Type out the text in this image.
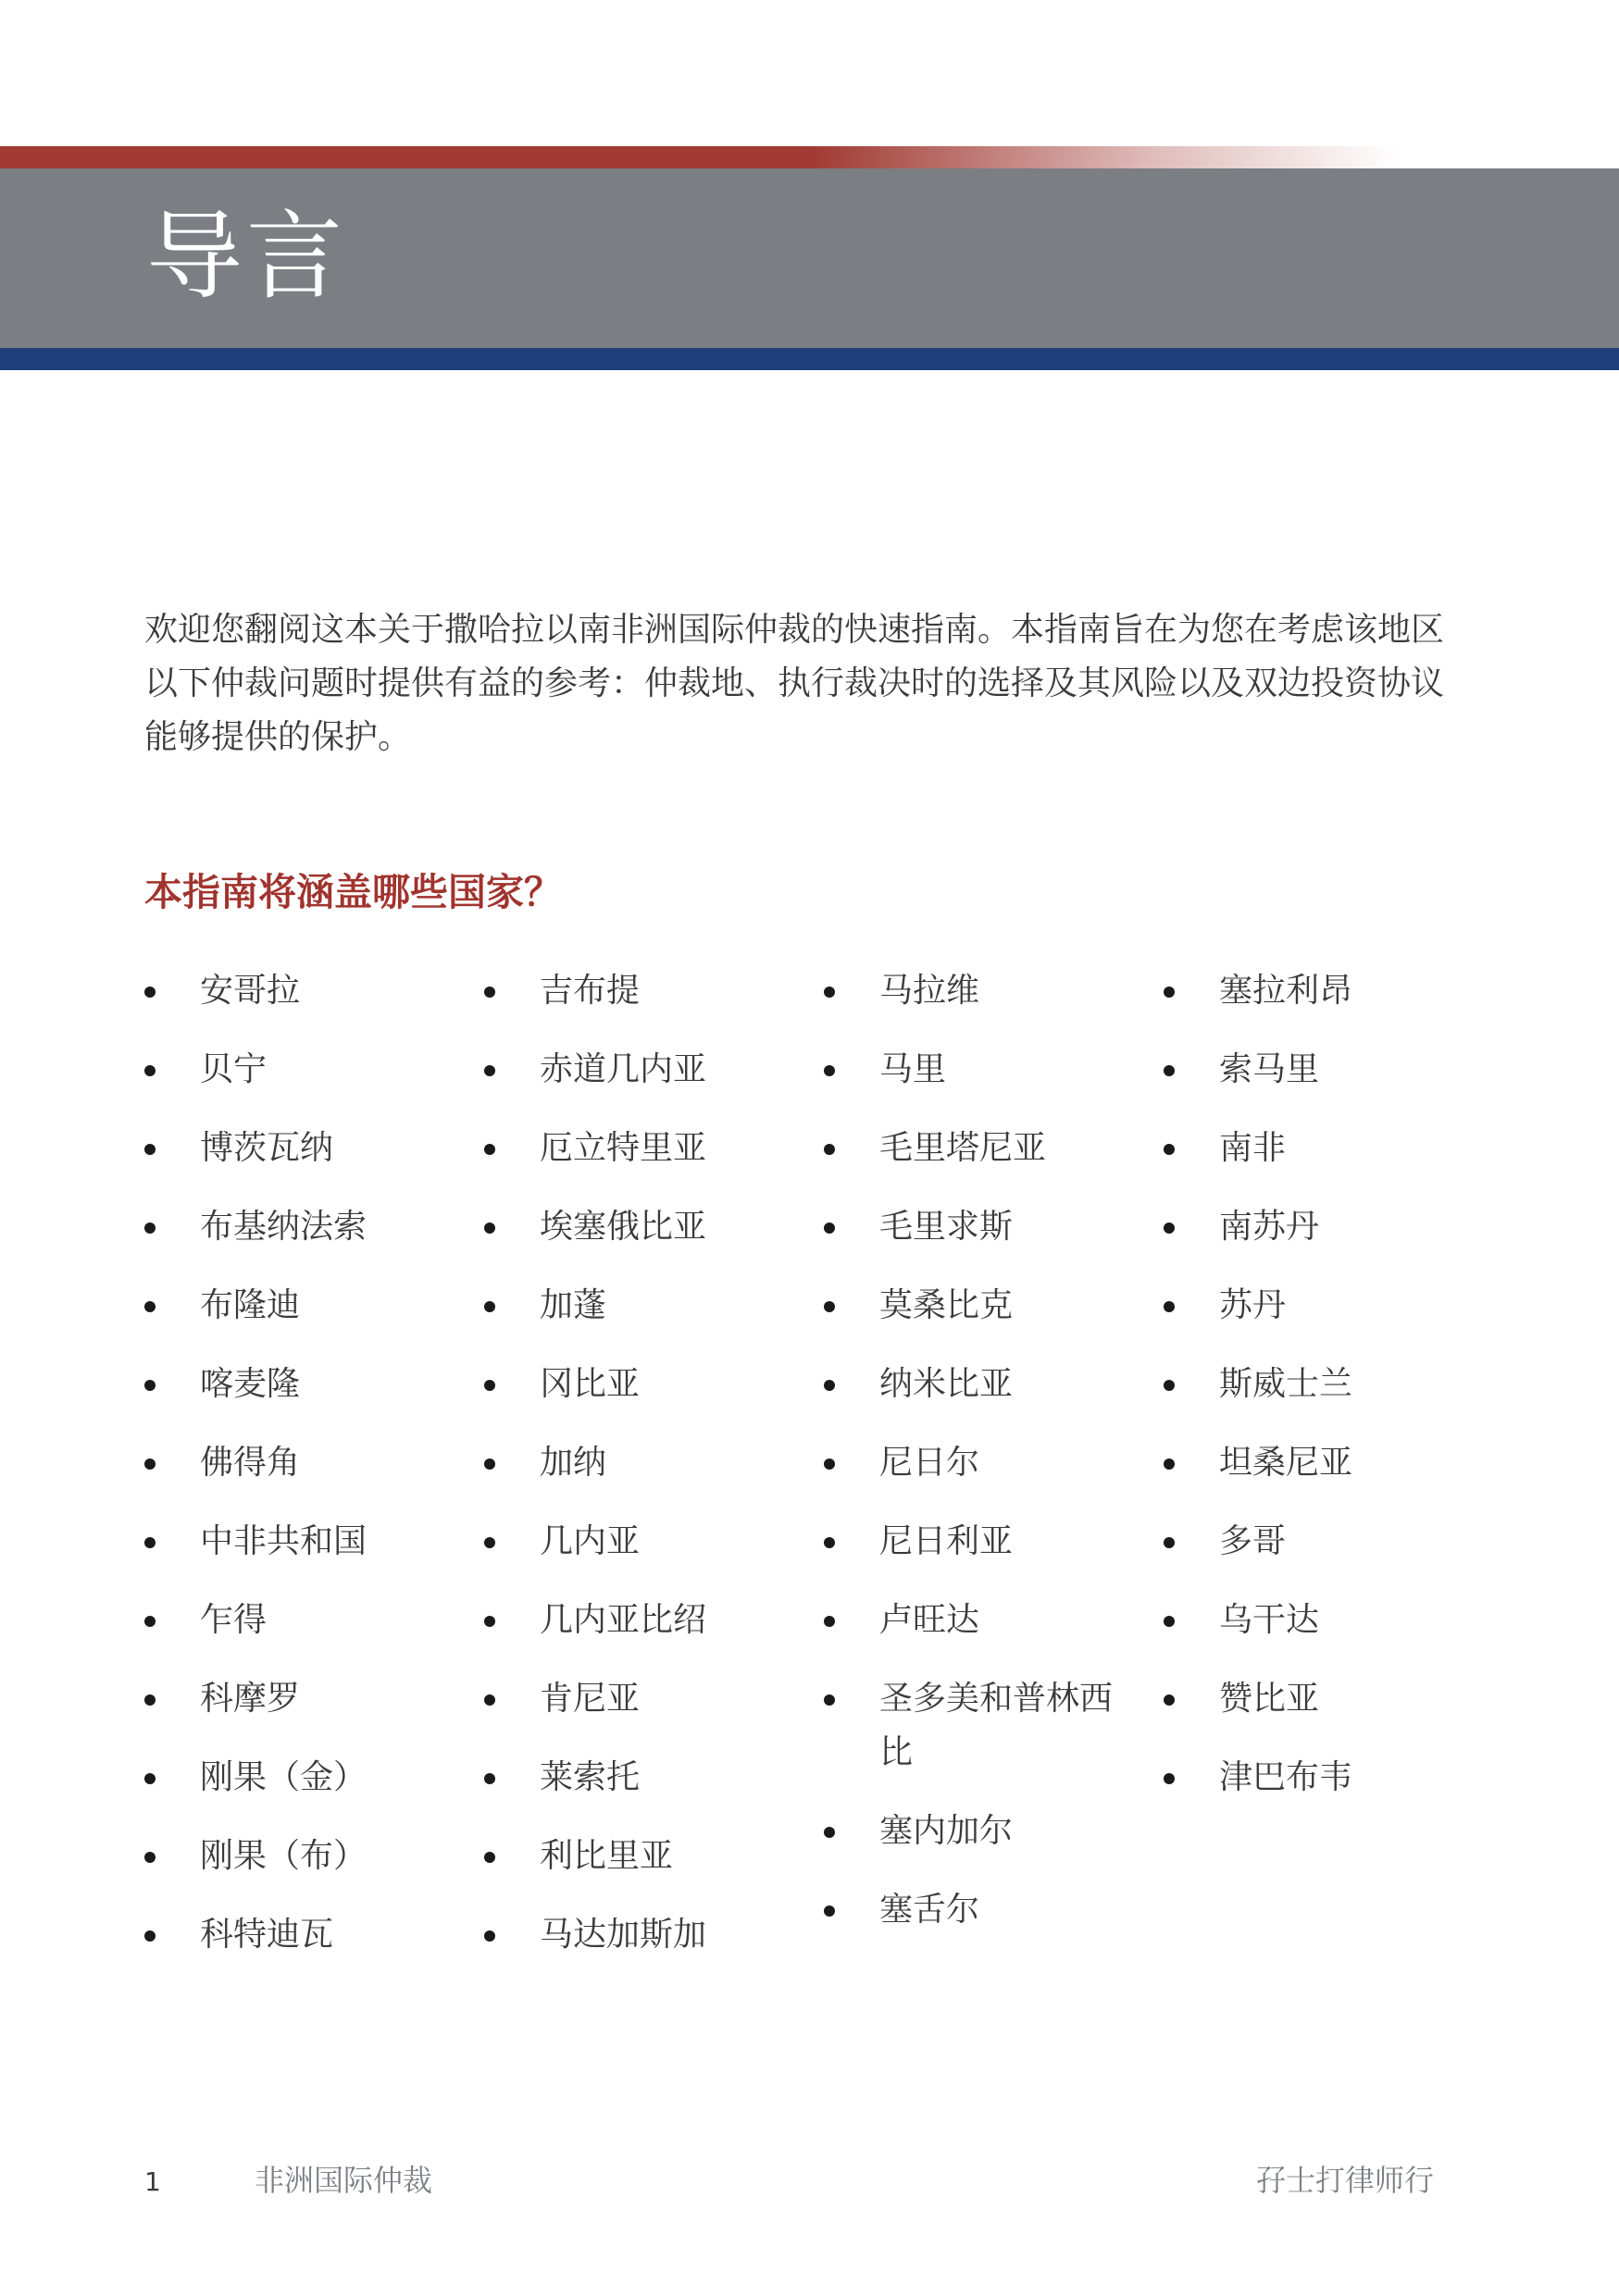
导言

欢迎您翻阅这本关于撒哈拉以南非洲国际仲裁的快速指南。本指南旨在为您在考虑该地区以下仲裁问题时提供有益的参考：仲裁地、执行裁决时的选择及其风险以及双边投资协议能够提供的保护。

本指南将涵盖哪些国家？
安哥拉
贝宁
博茨瓦纳
布基纳法索
布隆迪
喀麦隆
佛得角
中非共和国
乍得
科摩罗
刚果（金）
刚果（布）
科特迪瓦
吉布提
赤道几内亚
厄立特里亚
埃塞俄比亚
加蓬
冈比亚
加纳
几内亚
几内亚比绍
肯尼亚
莱索托
利比里亚
马达加斯加
马拉维
马里
毛里塔尼亚
毛里求斯
莫桑比克
纳米比亚
尼日尔
尼日利亚
卢旺达
圣多美和普林西比
塞内加尔
塞舌尔
塞拉利昂
索马里
南非
南苏丹
苏丹
斯威士兰
坦桑尼亚
多哥
乌干达
赞比亚
津巴布韦
1	非洲国际仲裁	孖士打律师行
